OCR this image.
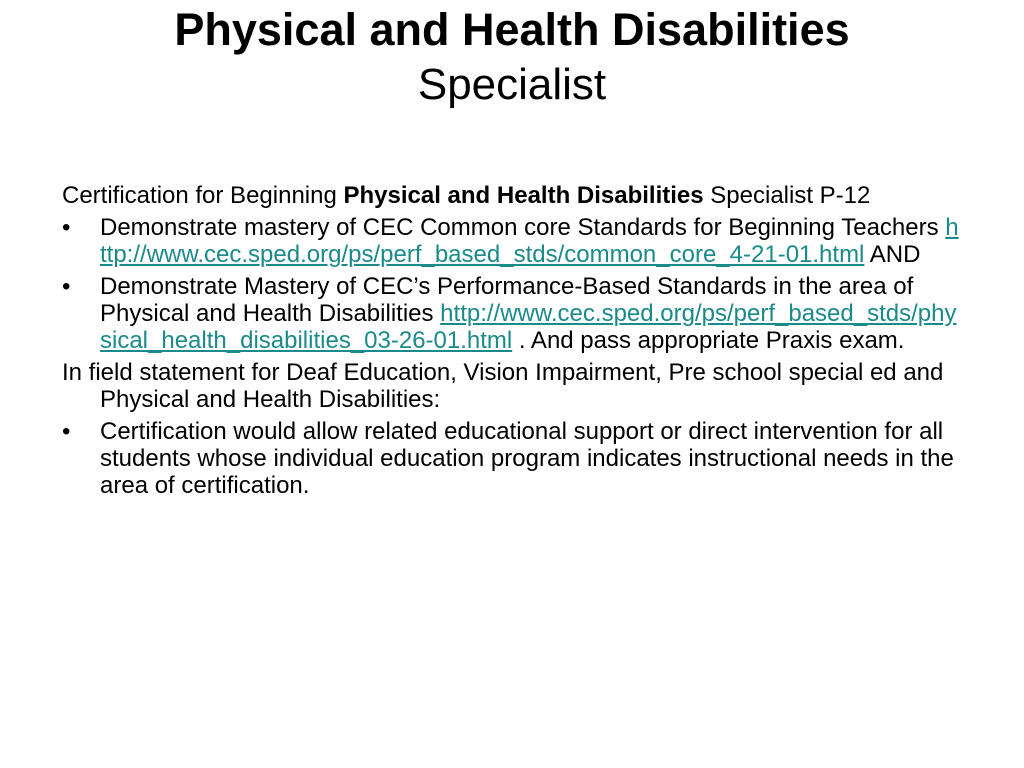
Physical and Health Disabilities
Specialist

Certification for Beginning Physical and Health Disabilities Specialist P-12

•	Demonstrate mastery of CEC Common core Standards for Beginning Teachers http://www.cec.sped.org/ps/perf_based_stds/common_core_4-21-01.html AND
•	Demonstrate Mastery of CEC’s Performance-Based Standards in the area of Physical and Health Disabilities http://www.cec.sped.org/ps/perf_based_stds/physical_health_disabilities_03-26-01.html . And pass appropriate Praxis exam.

In field statement for Deaf Education, Vision Impairment, Pre school special ed and Physical and Health Disabilities:

•	Certification would allow related educational support or direct intervention for all students whose individual education program indicates instructional needs in the area of certification.
